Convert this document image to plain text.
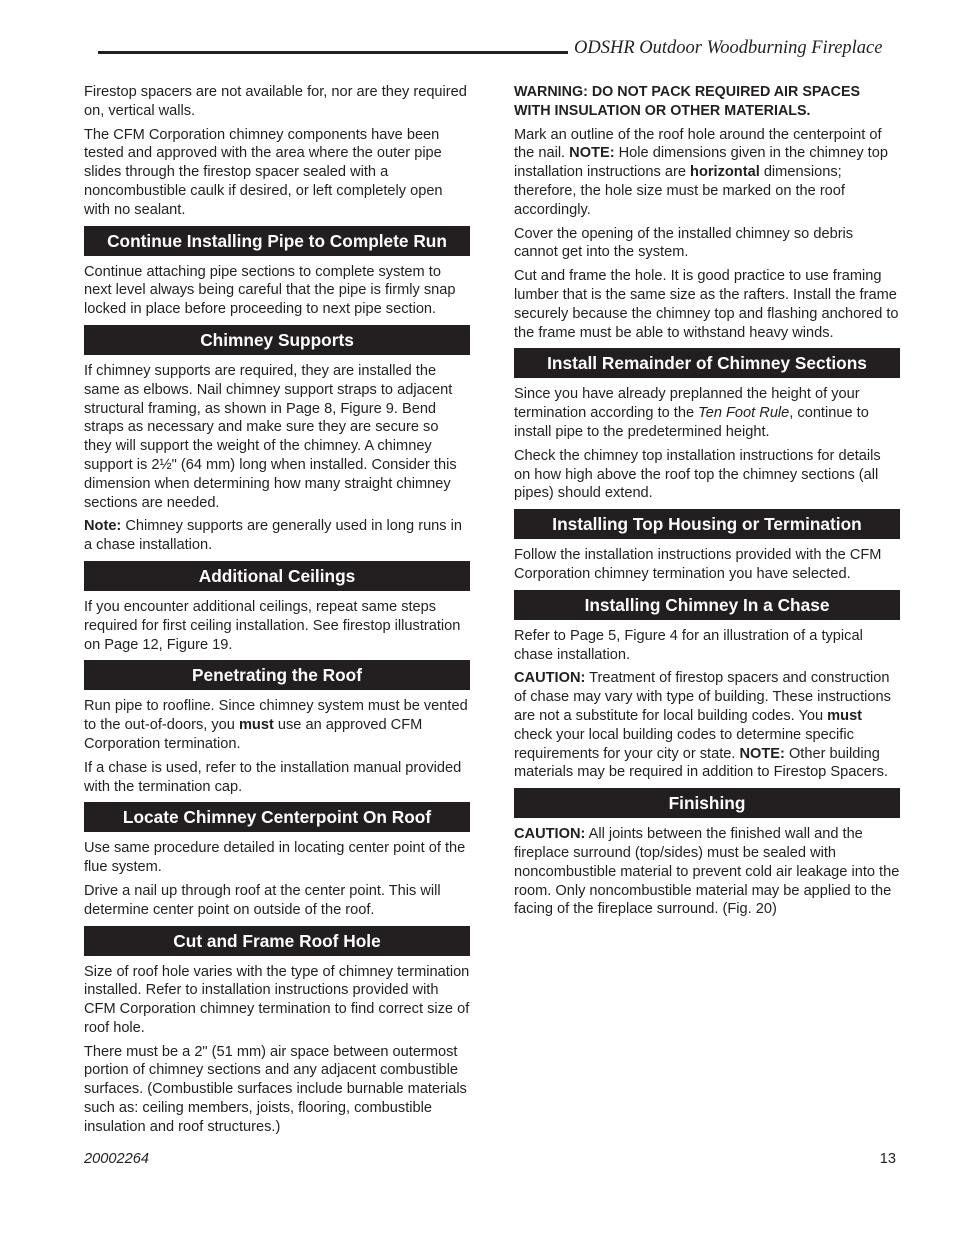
ODSHR Outdoor Woodburning Fireplace

Firestop spacers are not available for, nor are they required on, vertical walls.

The CFM Corporation chimney components have been tested and approved with the area where the outer pipe slides through the firestop spacer sealed with a noncombustible caulk if desired, or left completely open with no sealant.

Continue Installing Pipe to Complete Run

Continue attaching pipe sections to complete system to next level always being careful that the pipe is firmly snap locked in place before proceeding to next pipe section.

Chimney Supports

If chimney supports are required, they are installed the same as elbows. Nail chimney support straps to adjacent structural framing, as shown in Page 8, Figure 9. Bend straps as necessary and make sure they are secure so they will support the weight of the chimney. A chimney support is 2½" (64 mm) long when installed. Consider this dimension when determining how many straight chimney sections are needed.

Note: Chimney supports are generally used in long runs in a chase installation.

Additional Ceilings

If you encounter additional ceilings, repeat same steps required for first ceiling installation. See firestop illustration on Page 12, Figure 19.

Penetrating the Roof

Run pipe to roofline. Since chimney system must be vented to the out-of-doors, you must use an approved CFM Corporation termination.

If a chase is used, refer to the installation manual provided with the termination cap.

Locate Chimney Centerpoint On Roof

Use same procedure detailed in locating center point of the flue system.

Drive a nail up through roof at the center point. This will determine center point on outside of the roof.

Cut and Frame Roof Hole

Size of roof hole varies with the type of chimney termination installed. Refer to installation instructions provided with CFM Corporation chimney termination to find correct size of roof hole.

There must be a 2" (51 mm) air space between outermost portion of chimney sections and any adjacent combustible surfaces. (Combustible surfaces include burnable materials such as: ceiling members, joists, flooring, combustible insulation and roof structures.)

WARNING: DO NOT PACK REQUIRED AIR SPACES WITH INSULATION OR OTHER MATERIALS.

Mark an outline of the roof hole around the centerpoint of the nail. NOTE: Hole dimensions given in the chimney top installation instructions are horizontal dimensions; therefore, the hole size must be marked on the roof accordingly.

Cover the opening of the installed chimney so debris cannot get into the system.

Cut and frame the hole. It is good practice to use framing lumber that is the same size as the rafters. Install the frame securely because the chimney top and flashing anchored to the frame must be able to withstand heavy winds.

Install Remainder of Chimney Sections

Since you have already preplanned the height of your termination according to the Ten Foot Rule, continue to install pipe to the predetermined height.

Check the chimney top installation instructions for details on how high above the roof top the chimney sections (all pipes) should extend.

Installing Top Housing or Termination

Follow the installation instructions provided with the CFM Corporation chimney termination you have selected.

Installing Chimney In a Chase

Refer to Page 5, Figure 4 for an illustration of a typical chase installation.

CAUTION: Treatment of firestop spacers and construction of chase may vary with type of building. These instructions are not a substitute for local building codes. You must check your local building codes to determine specific requirements for your city or state. NOTE: Other building materials may be required in addition to Firestop Spacers.

Finishing

CAUTION: All joints between the finished wall and the fireplace surround (top/sides) must be sealed with noncombustible material to prevent cold air leakage into the room. Only noncombustible material may be applied to the facing of the fireplace surround. (Fig. 20)

20002264	13
